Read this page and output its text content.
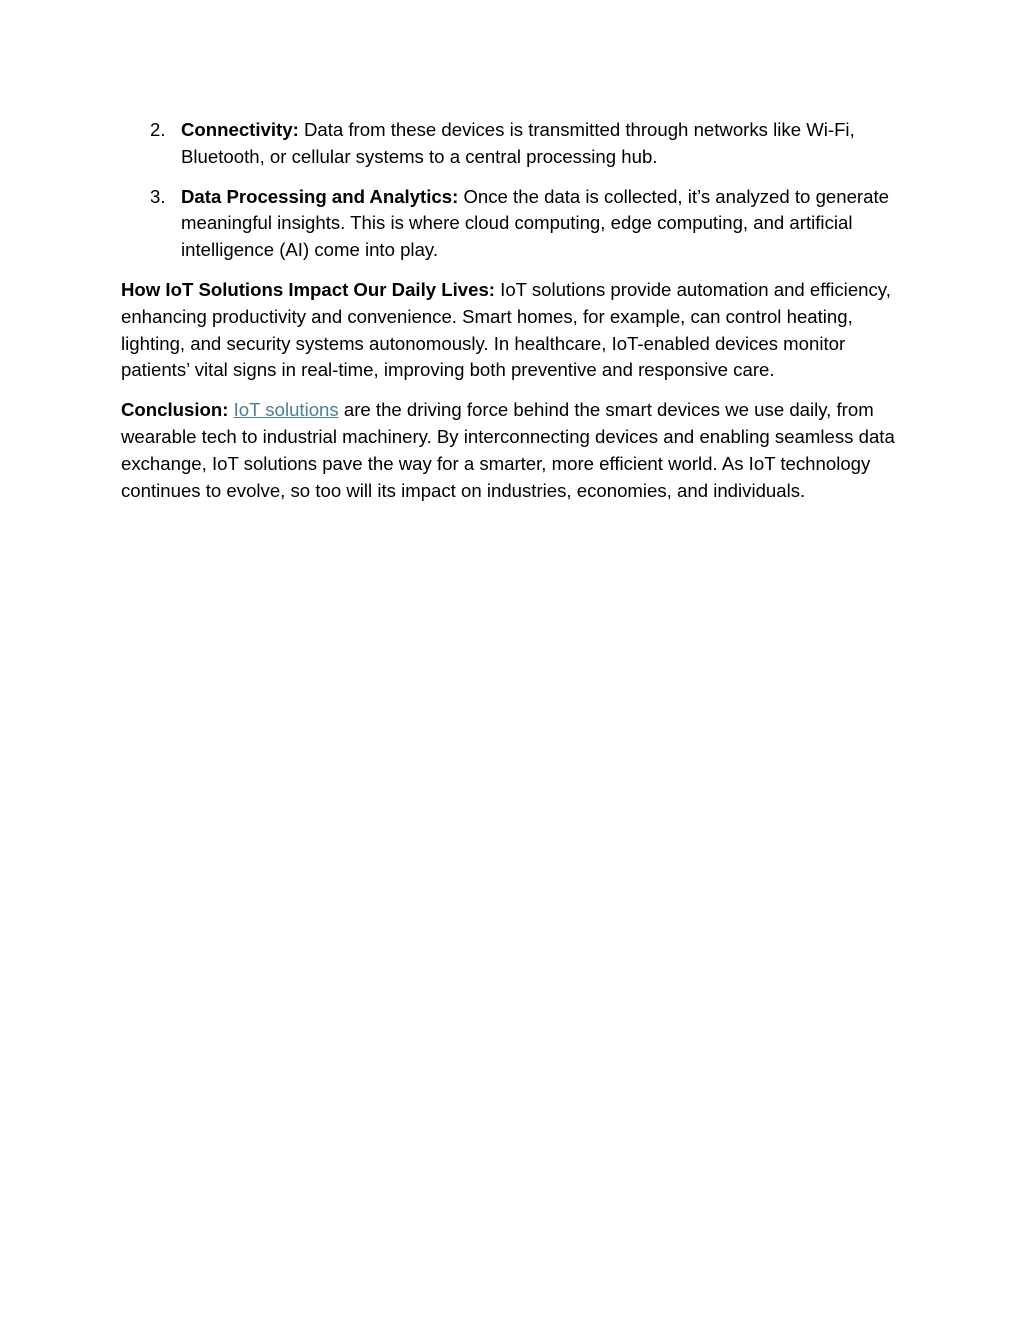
2. Connectivity: Data from these devices is transmitted through networks like Wi-Fi, Bluetooth, or cellular systems to a central processing hub.
3. Data Processing and Analytics: Once the data is collected, it’s analyzed to generate meaningful insights. This is where cloud computing, edge computing, and artificial intelligence (AI) come into play.

How IoT Solutions Impact Our Daily Lives: IoT solutions provide automation and efficiency, enhancing productivity and convenience. Smart homes, for example, can control heating, lighting, and security systems autonomously. In healthcare, IoT-enabled devices monitor patients’ vital signs in real-time, improving both preventive and responsive care.

Conclusion: IoT solutions are the driving force behind the smart devices we use daily, from wearable tech to industrial machinery. By interconnecting devices and enabling seamless data exchange, IoT solutions pave the way for a smarter, more efficient world. As IoT technology continues to evolve, so too will its impact on industries, economies, and individuals.
